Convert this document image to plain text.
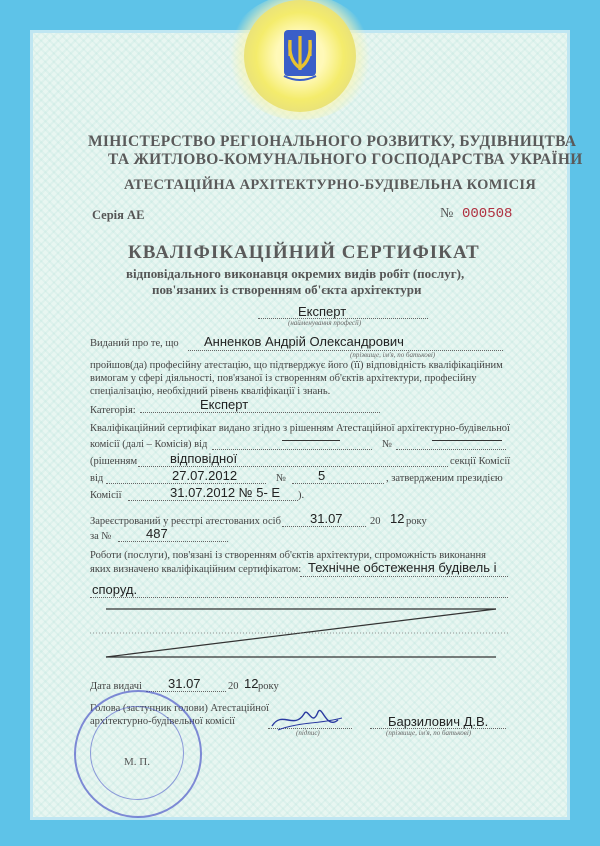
МІНІСТЕРСТВО РЕГІОНАЛЬНОГО РОЗВИТКУ, БУДІВНИЦТВА
ТА ЖИТЛОВО-КОМУНАЛЬНОГО ГОСПОДАРСТВА УКРАЇНИ
АТЕСТАЦІЙНА АРХІТЕКТУРНО-БУДІВЕЛЬНА КОМІСІЯ
Серія АЕ	№ 000508
КВАЛІФІКАЦІЙНИЙ СЕРТИФІКАТ
відповідального виконавця окремих видів робіт (послуг),
пов'язаних із створенням об'єкта архітектури
Експерт
(найменування професії)
Виданий про те, що Анненков Андрій Олександрович
(прізвище, ім'я, по батькові)
пройшов(да) професійну атестацію, що підтверджує його (її) відповідність кваліфікаційним
вимогам у сфері діяльності, пов'язаної із створенням об'єктів архітектури, професійну
спеціалізацію, необхідний рівень кваліфікації і знань.
Категорія:	Експерт
Кваліфікаційний сертифікат видано згідно з рішенням Атестаційної архітектурно-будівельної
комісії (далі – Комісія) від	№
(рішенням	відповідної	секції Комісії
від	27.07.2012	№ 5	, затвердженим президією
Комісії	31.07.2012 № 5- Е ).
Зареєстрований у реєстрі атестованих осіб 31.07	20 12 року
за №	487
Роботи (послуги), пов'язані із створенням об'єктів архітектури, спроможність виконання
яких визначено кваліфікаційним сертифікатом: Технічне обстеження будівель і
споруд.
Дата видачі 31.07	20 12 року
Голова (заступник голови) Атестаційної
архітектурно-будівельної комісії
(підпис)
Барзилович Д.В.
(прізвище, ім'я, по батькові)
М. П.
